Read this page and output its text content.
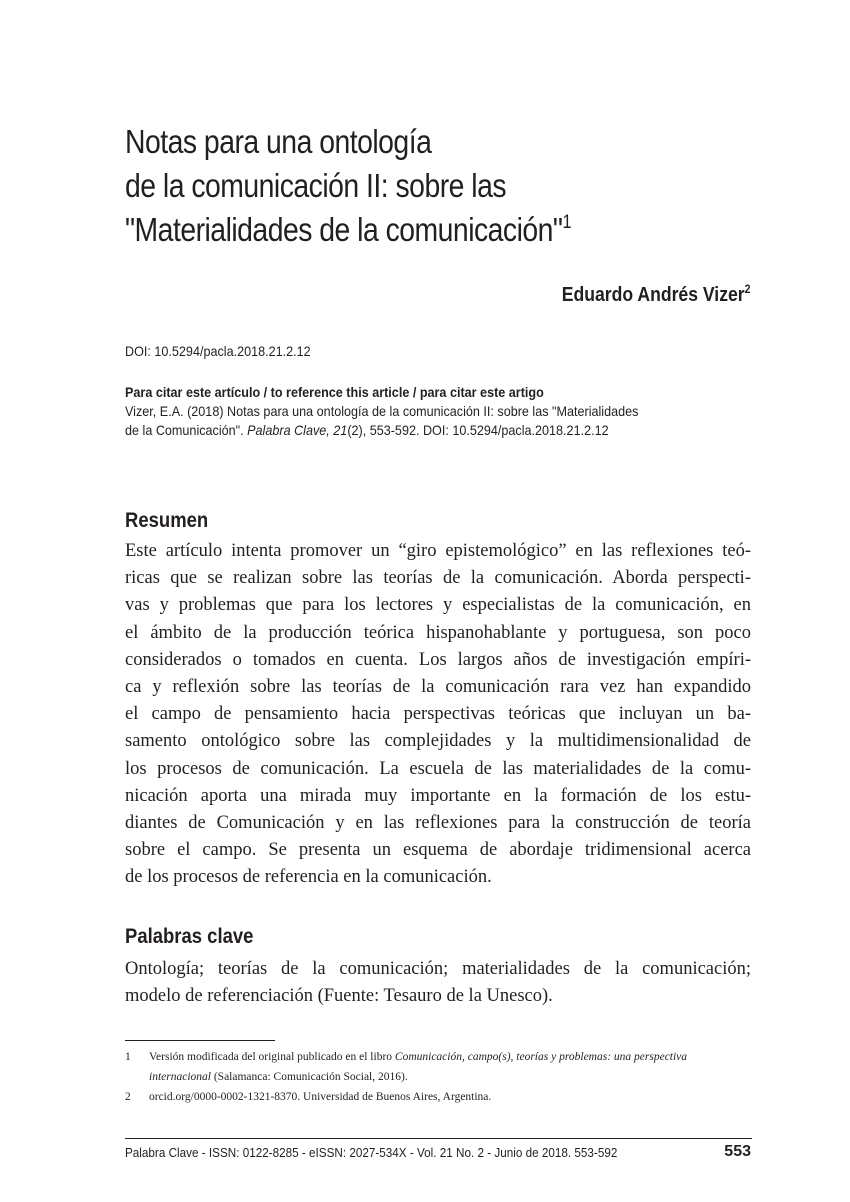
Notas para una ontología
de la comunicación II: sobre las
"Materialidades de la comunicación"$^1$
Eduardo Andrés Vizer$^2$
DOI: 10.5294/pacla.2018.21.2.12
Para citar este artículo / to reference this article / para citar este artigo
Vizer, E.A. (2018) Notas para una ontología de la comunicación II: sobre las "Materialidades
de la Comunicación". Palabra Clave, 21(2), 553-592. DOI: 10.5294/pacla.2018.21.2.12
Resumen
Este artículo intenta promover un “giro epistemológico” en las reflexiones teó-
ricas que se realizan sobre las teorías de la comunicación. Aborda perspecti-
vas y problemas que para los lectores y especialistas de la comunicación, en
el ámbito de la producción teórica hispanohablante y portuguesa, son poco
considerados o tomados en cuenta. Los largos años de investigación empíri-
ca y reflexión sobre las teorías de la comunicación rara vez han expandido
el campo de pensamiento hacia perspectivas teóricas que incluyan un ba-
samento ontológico sobre las complejidades y la multidimensionalidad de
los procesos de comunicación. La escuela de las materialidades de la comu-
nicación aporta una mirada muy importante en la formación de los estu-
diantes de Comunicación y en las reflexiones para la construcción de teoría
sobre el campo. Se presenta un esquema de abordaje tridimensional acerca
de los procesos de referencia en la comunicación.
Palabras clave
Ontología; teorías de la comunicación; materialidades de la comunicación;
modelo de referenciación (Fuente: Tesauro de la Unesco).
1 Versión modificada del original publicado en el libro Comunicación, campo(s), teorías y problemas: una perspectiva
internacional (Salamanca: Comunicación Social, 2016).
2 orcid.org/0000-0002-1321-8370. Universidad de Buenos Aires, Argentina.
Palabra Clave - ISSN: 0122-8285 - eISSN: 2027-534X - Vol. 21 No. 2 - Junio de 2018. 553-592	553
